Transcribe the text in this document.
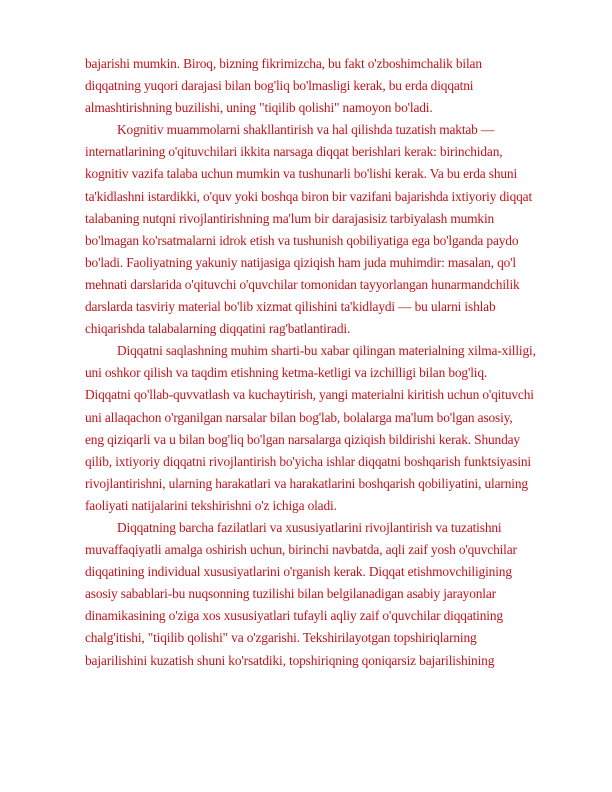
bajarishi mumkin. Biroq, bizning fikrimizcha, bu fakt o'zboshimchalik bilan
diqqatning yuqori darajasi bilan bog'liq bo'lmasligi kerak, bu erda diqqatni
almashtirishning buzilishi, uning "tiqilib qolishi" namoyon bo'ladi.
Kognitiv muammolarni shakllantirish va hal qilishda tuzatish maktab —
internatlarining o'qituvchilari ikkita narsaga diqqat berishlari kerak: birinchidan,
kognitiv vazifa talaba uchun mumkin va tushunarli bo'lishi kerak. Va bu erda shuni
ta'kidlashni istardikki, o'quv yoki boshqa biron bir vazifani bajarishda ixtiyoriy diqqat
talabaning nutqni rivojlantirishning ma'lum bir darajasisiz tarbiyalash mumkin
bo'lmagan ko'rsatmalarni idrok etish va tushunish qobiliyatiga ega bo'lganda paydo
bo'ladi. Faoliyatning yakuniy natijasiga qiziqish ham juda muhimdir: masalan, qo'l
mehnati darslarida o'qituvchi o'quvchilar tomonidan tayyorlangan hunarmandchilik
darslarda tasviriy material bo'lib xizmat qilishini ta'kidlaydi — bu ularni ishlab
chiqarishda talabalarning diqqatini rag'batlantiradi.
Diqqatni saqlashning muhim sharti-bu xabar qilingan materialning xilma-xilligi,
uni oshkor qilish va taqdim etishning ketma-ketligi va izchilligi bilan bog'liq.
Diqqatni qo'llab-quvvatlash va kuchaytirish, yangi materialni kiritish uchun o'qituvchi
uni allaqachon o'rganilgan narsalar bilan bog'lab, bolalarga ma'lum bo'lgan asosiy,
eng qiziqarli va u bilan bog'liq bo'lgan narsalarga qiziqish bildirishi kerak. Shunday
qilib, ixtiyoriy diqqatni rivojlantirish bo'yicha ishlar diqqatni boshqarish funktsiyasini
rivojlantirishni, ularning harakatlari va harakatlarini boshqarish qobiliyatini, ularning
faoliyati natijalarini tekshirishni o'z ichiga oladi.
Diqqatning barcha fazilatlari va xususiyatlarini rivojlantirish va tuzatishni
muvaffaqiyatli amalga oshirish uchun, birinchi navbatda, aqli zaif yosh o'quvchilar
diqqatining individual xususiyatlarini o'rganish kerak. Diqqat etishmovchiligining
asosiy sabablari-bu nuqsonning tuzilishi bilan belgilanadigan asabiy jarayonlar
dinamikasining o'ziga xos xususiyatlari tufayli aqliy zaif o'quvchilar diqqatining
chalg'itishi, "tiqilib qolishi" va o'zgarishi. Tekshirilayotgan topshiriqlarning
bajarilishini kuzatish shuni ko'rsatdiki, topshiriqning qoniqarsiz bajarilishining
